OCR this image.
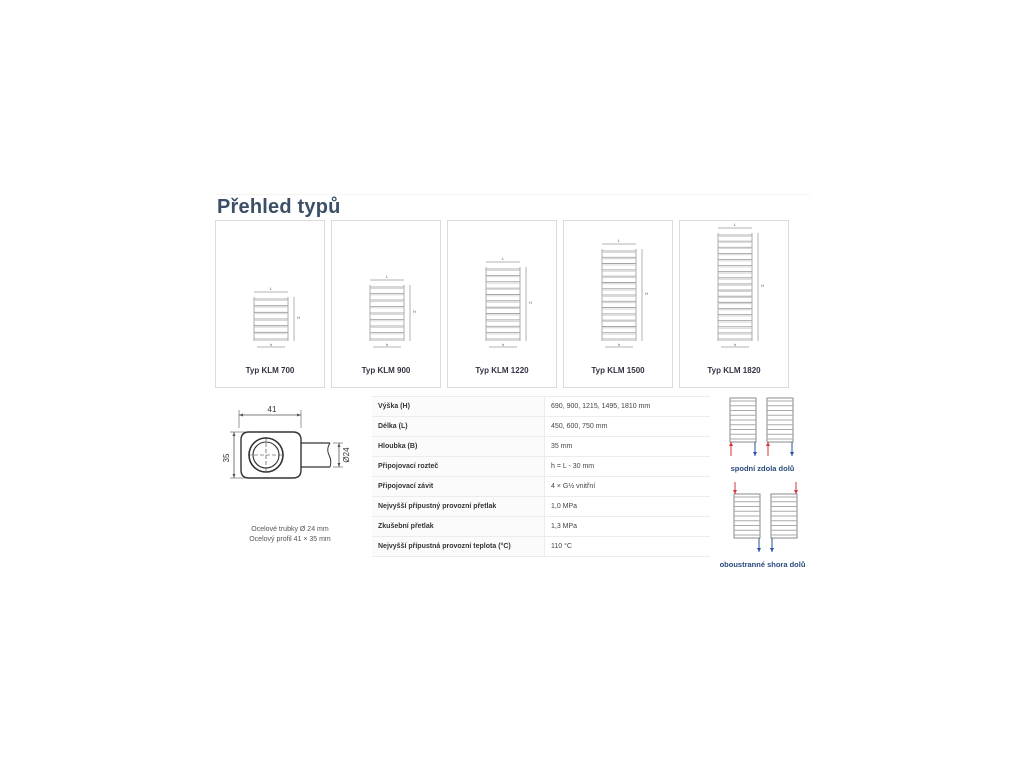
Přehled typů
L
H
h
Typ KLM 700
L
H
h
Typ KLM 900
L
H
h
Typ KLM 1220
L
H
h
Typ KLM 1500
L
H
h
Typ KLM 1820
41
35	Ø24
Ocelové trubky Ø 24 mm
Ocelový profil 41 × 35 mm
Výška (H)	690, 900, 1215, 1495, 1810 mm
Délka (L)	450, 600, 750 mm
Hloubka (B)	35 mm
Připojovací rozteč	h = L - 30 mm
Připojovací závit	4 × G½ vnitřní
Nejvyšší přípustný provozní přetlak	1,0 MPa
Zkušební přetlak	1,3 MPa
Nejvyšší přípustná provozní teplota (°C)	110 °C
spodní zdola dolů
oboustranné shora dolů
